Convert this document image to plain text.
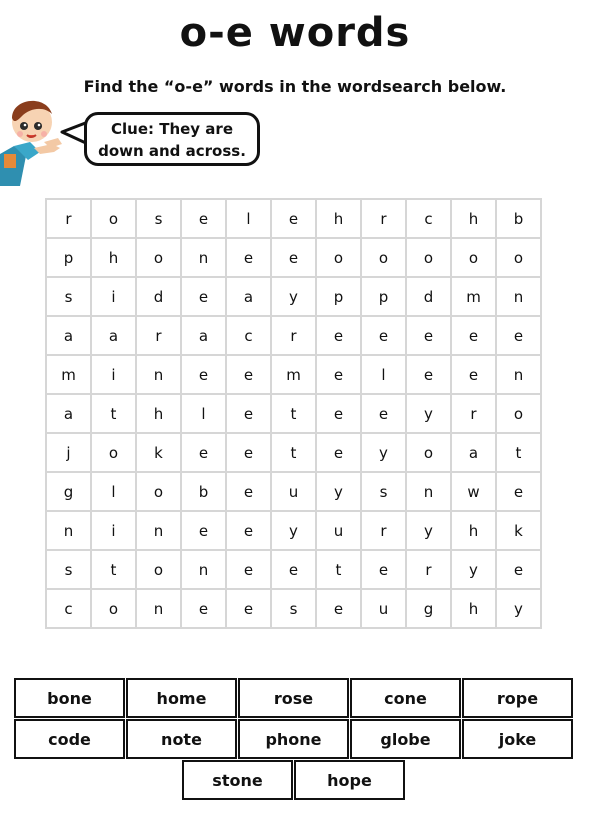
o-e words
Find the “o-e” words in the wordsearch below.
Clue: They are
down and across.
r	o	s	e	l	e	h	r	c	h	b
p	h	o	n	e	e	o	o	o	o	o
s	i	d	e	a	y	p	p	d	m	n
a	a	r	a	c	r	e	e	e	e	e
m	i	n	e	e	m	e	l	e	e	n
a	t	h	l	e	t	e	e	y	r	o
j	o	k	e	e	t	e	y	o	a	t
g	l	o	b	e	u	y	s	n	w	e
n	i	n	e	e	y	u	r	y	h	k
s	t	o	n	e	e	t	e	r	y	e
c	o	n	e	e	s	e	u	g	h	y
bone	home	rose	cone	rope
code	note	phone	globe	joke
stone	hope
